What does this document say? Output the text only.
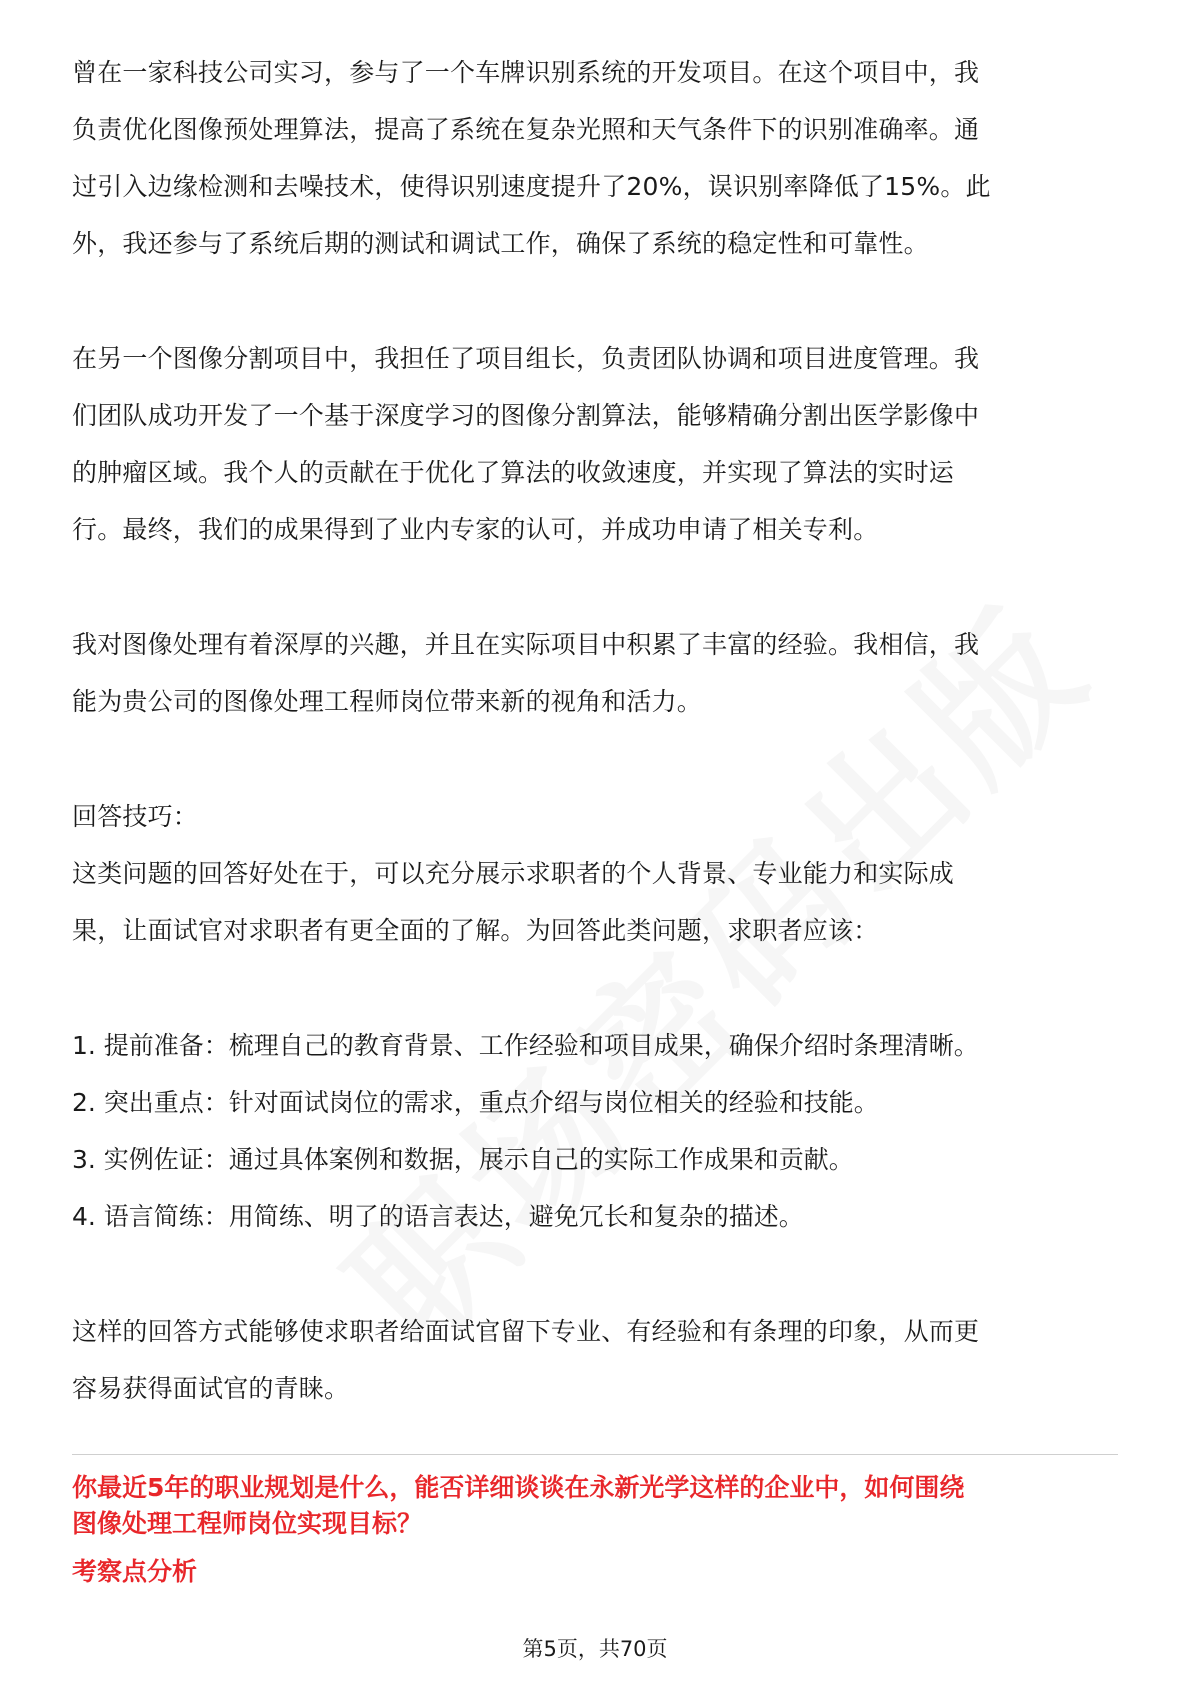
曾在一家科技公司实习，参与了一个车牌识别系统的开发项目。在这个项目中，我
负责优化图像预处理算法，提高了系统在复杂光照和天气条件下的识别准确率。通
过引入边缘检测和去噪技术，使得识别速度提升了20%，误识别率降低了15%。此
外，我还参与了系统后期的测试和调试工作，确保了系统的稳定性和可靠性。

在另一个图像分割项目中，我担任了项目组长，负责团队协调和项目进度管理。我
们团队成功开发了一个基于深度学习的图像分割算法，能够精确分割出医学影像中
的肿瘤区域。我个人的贡献在于优化了算法的收敛速度，并实现了算法的实时运
行。最终，我们的成果得到了业内专家的认可，并成功申请了相关专利。

我对图像处理有着深厚的兴趣，并且在实际项目中积累了丰富的经验。我相信，我
能为贵公司的图像处理工程师岗位带来新的视角和活力。

回答技巧：

这类问题的回答好处在于，可以充分展示求职者的个人背景、专业能力和实际成
果，让面试官对求职者有更全面的了解。为回答此类问题，求职者应该：

1. 提前准备：梳理自己的教育背景、工作经验和项目成果，确保介绍时条理清晰。

2. 突出重点：针对面试岗位的需求，重点介绍与岗位相关的经验和技能。

3. 实例佐证：通过具体案例和数据，展示自己的实际工作成果和贡献。

4. 语言简练：用简练、明了的语言表达，避免冗长和复杂的描述。

这样的回答方式能够使求职者给面试官留下专业、有经验和有条理的印象，从而更
容易获得面试官的青睐。

你最近5年的职业规划是什么，能否详细谈谈在永新光学这样的企业中，如何围绕
图像处理工程师岗位实现目标？

考察点分析

第5页，共70页
